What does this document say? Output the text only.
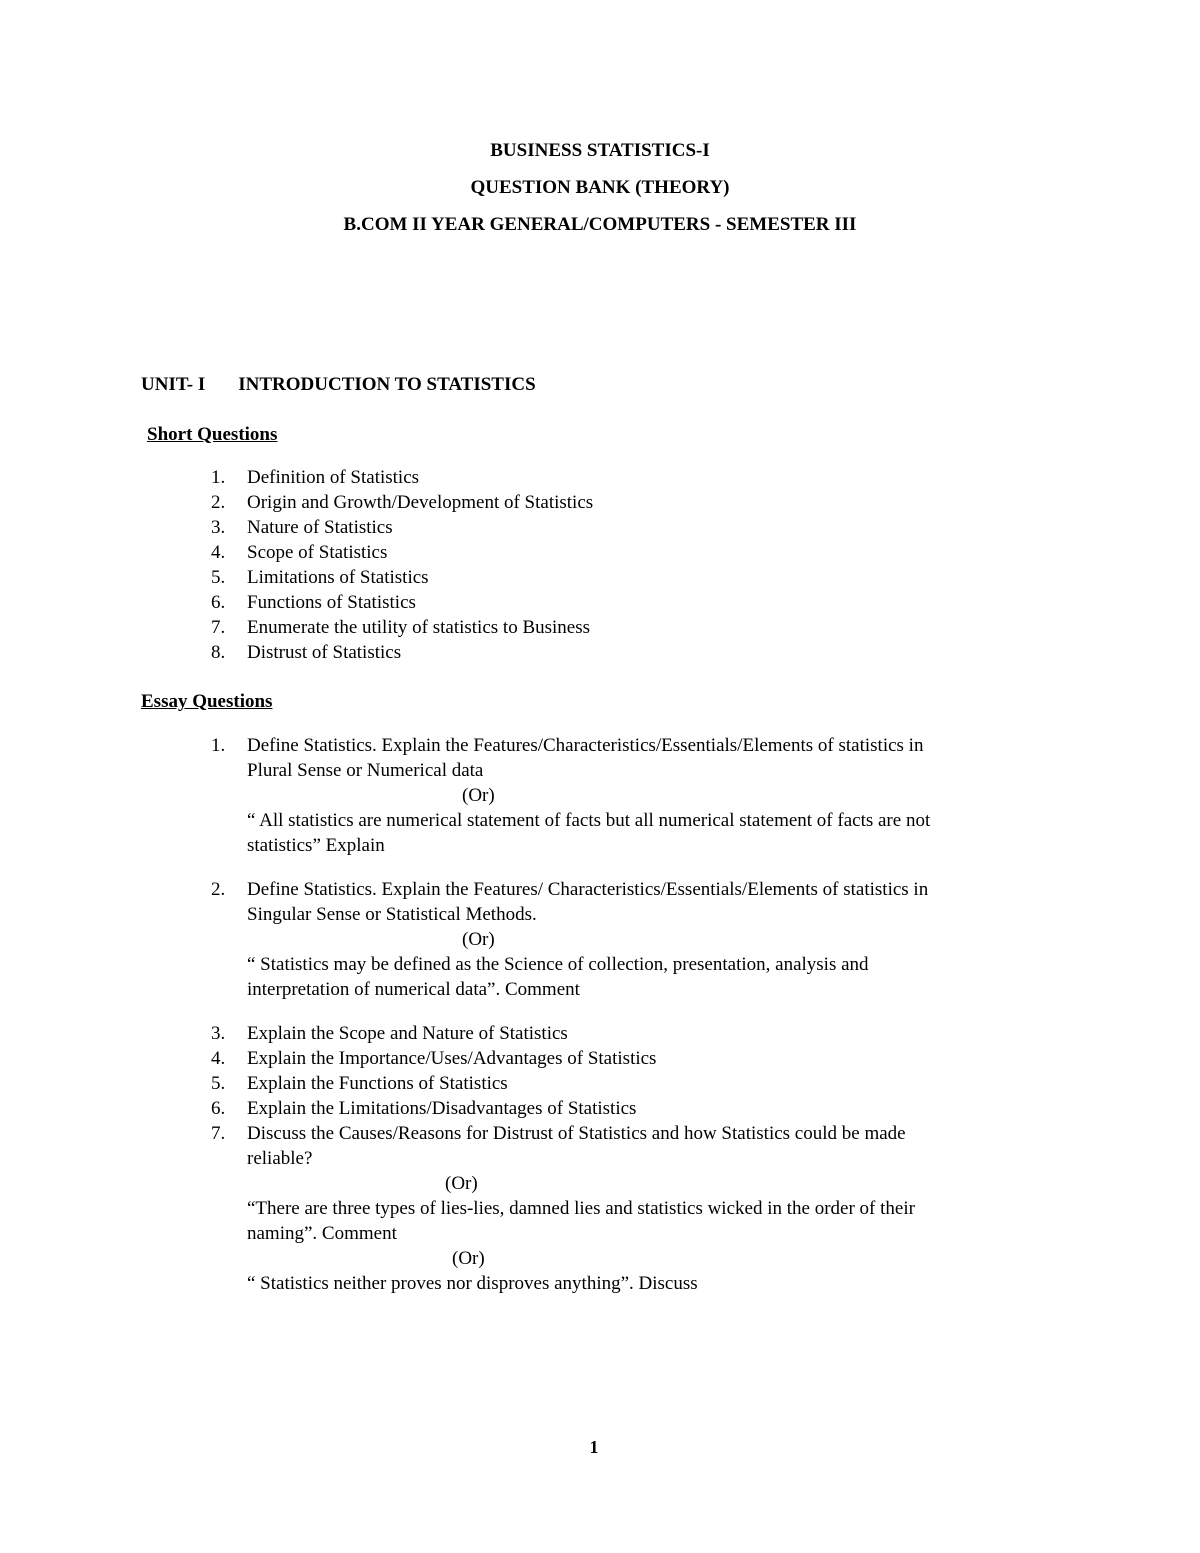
BUSINESS STATISTICS-I
QUESTION BANK (THEORY)
B.COM II YEAR GENERAL/COMPUTERS - SEMESTER III
UNIT- I INTRODUCTION TO STATISTICS
Short Questions
1. Definition of Statistics
2. Origin and Growth/Development of Statistics
3. Nature of Statistics
4. Scope of Statistics
5. Limitations of Statistics
6. Functions of Statistics
7. Enumerate the utility of statistics to Business
8. Distrust of Statistics
Essay Questions
1. Define Statistics. Explain the Features/Characteristics/Essentials/Elements of statistics in
Plural Sense or Numerical data
(Or)
“ All statistics are numerical statement of facts but all numerical statement of facts are not
statistics” Explain
2. Define Statistics. Explain the Features/ Characteristics/Essentials/Elements of statistics in
Singular Sense or Statistical Methods.
(Or)
“ Statistics may be defined as the Science of collection, presentation, analysis and
interpretation of numerical data”. Comment
3. Explain the Scope and Nature of Statistics
4. Explain the Importance/Uses/Advantages of Statistics
5. Explain the Functions of Statistics
6. Explain the Limitations/Disadvantages of Statistics
7. Discuss the Causes/Reasons for Distrust of Statistics and how Statistics could be made
reliable?
(Or)
“There are three types of lies-lies, damned lies and statistics wicked in the order of their
naming”. Comment
(Or)
“ Statistics neither proves nor disproves anything”. Discuss
1
